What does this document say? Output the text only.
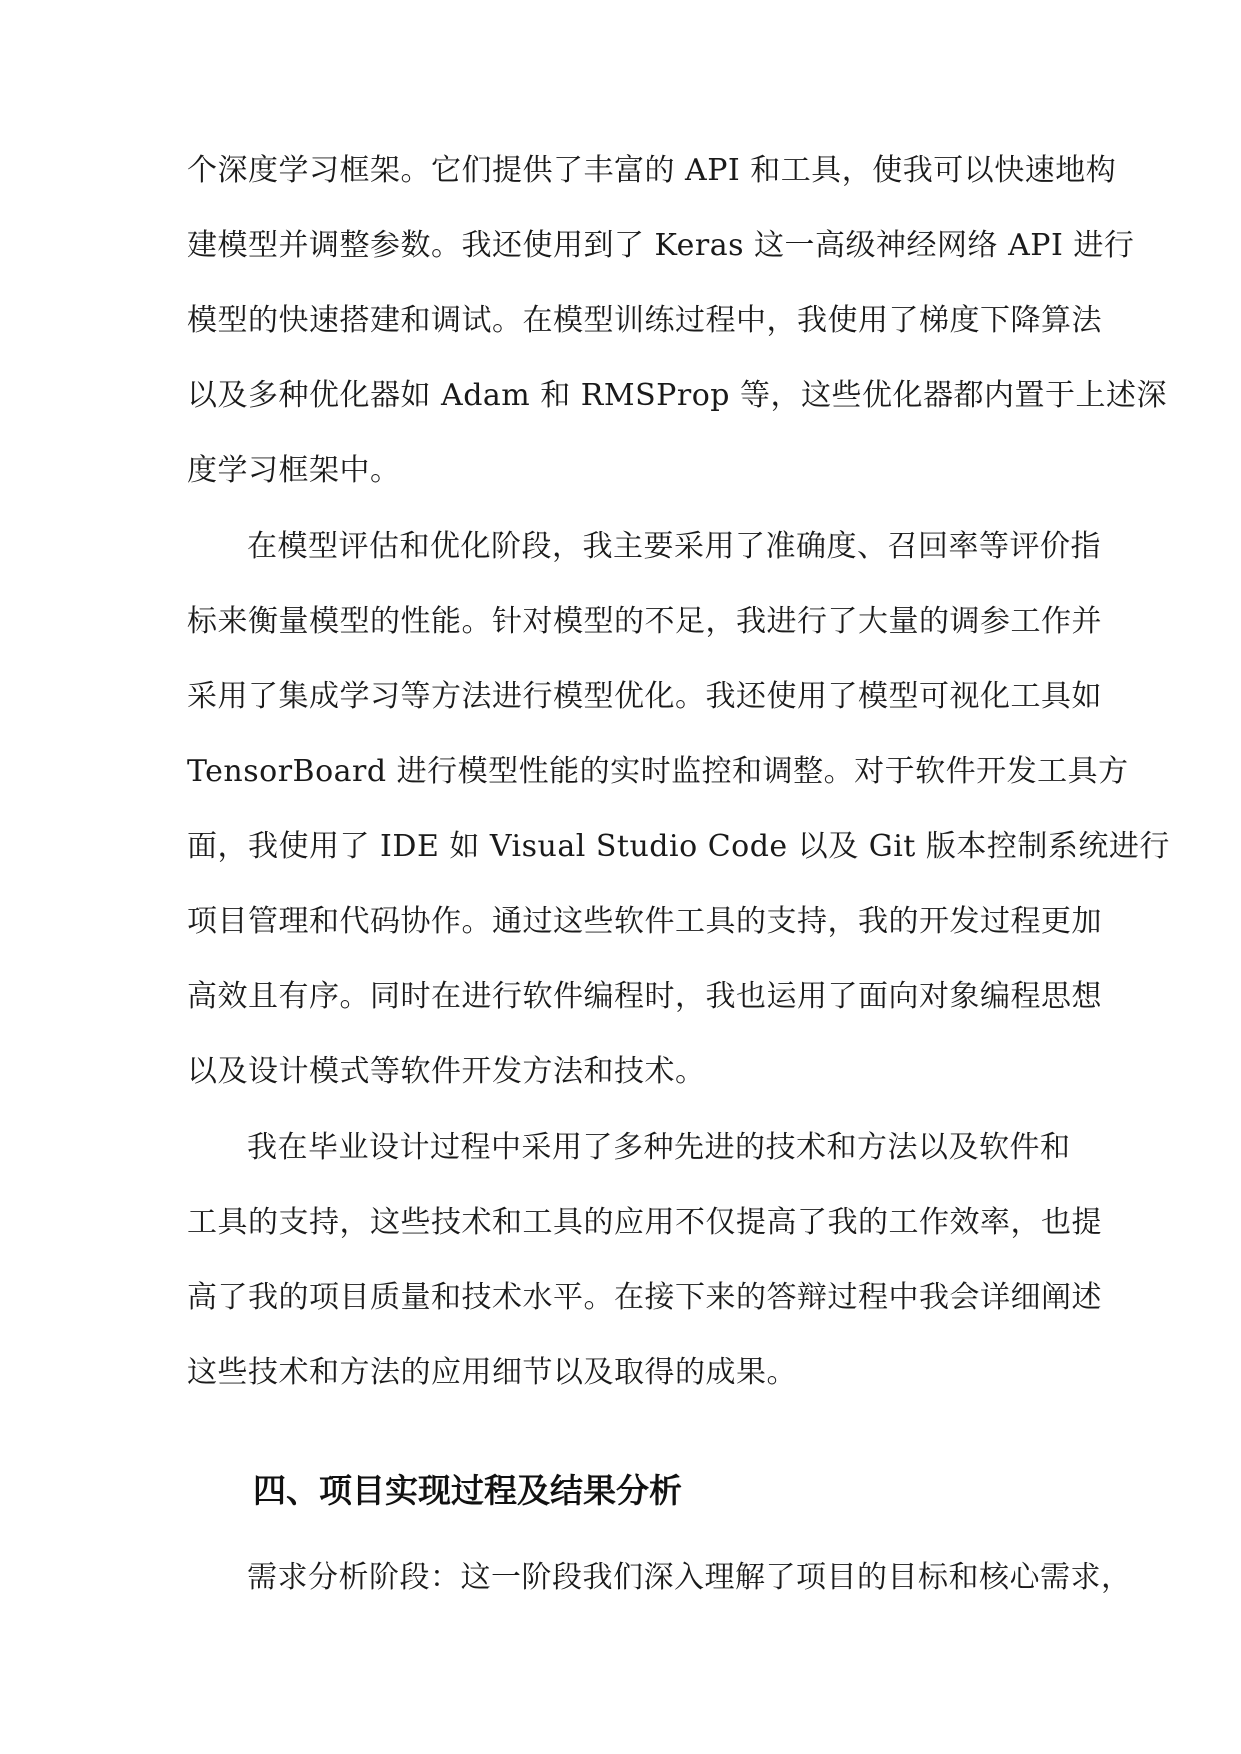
个深度学习框架。它们提供了丰富的 API 和工具，使我可以快速地构
建模型并调整参数。我还使用到了 Keras 这一高级神经网络 API 进行
模型的快速搭建和调试。在模型训练过程中，我使用了梯度下降算法
以及多种优化器如 Adam 和 RMSProp 等，这些优化器都内置于上述深
度学习框架中。
在模型评估和优化阶段，我主要采用了准确度、召回率等评价指
标来衡量模型的性能。针对模型的不足，我进行了大量的调参工作并
采用了集成学习等方法进行模型优化。我还使用了模型可视化工具如
TensorBoard 进行模型性能的实时监控和调整。对于软件开发工具方
面，我使用了 IDE 如 Visual Studio Code 以及 Git 版本控制系统进行
项目管理和代码协作。通过这些软件工具的支持，我的开发过程更加
高效且有序。同时在进行软件编程时，我也运用了面向对象编程思想
以及设计模式等软件开发方法和技术。
我在毕业设计过程中采用了多种先进的技术和方法以及软件和
工具的支持，这些技术和工具的应用不仅提高了我的工作效率，也提
高了我的项目质量和技术水平。在接下来的答辩过程中我会详细阐述
这些技术和方法的应用细节以及取得的成果。
四、项目实现过程及结果分析
需求分析阶段：这一阶段我们深入理解了项目的目标和核心需求，
